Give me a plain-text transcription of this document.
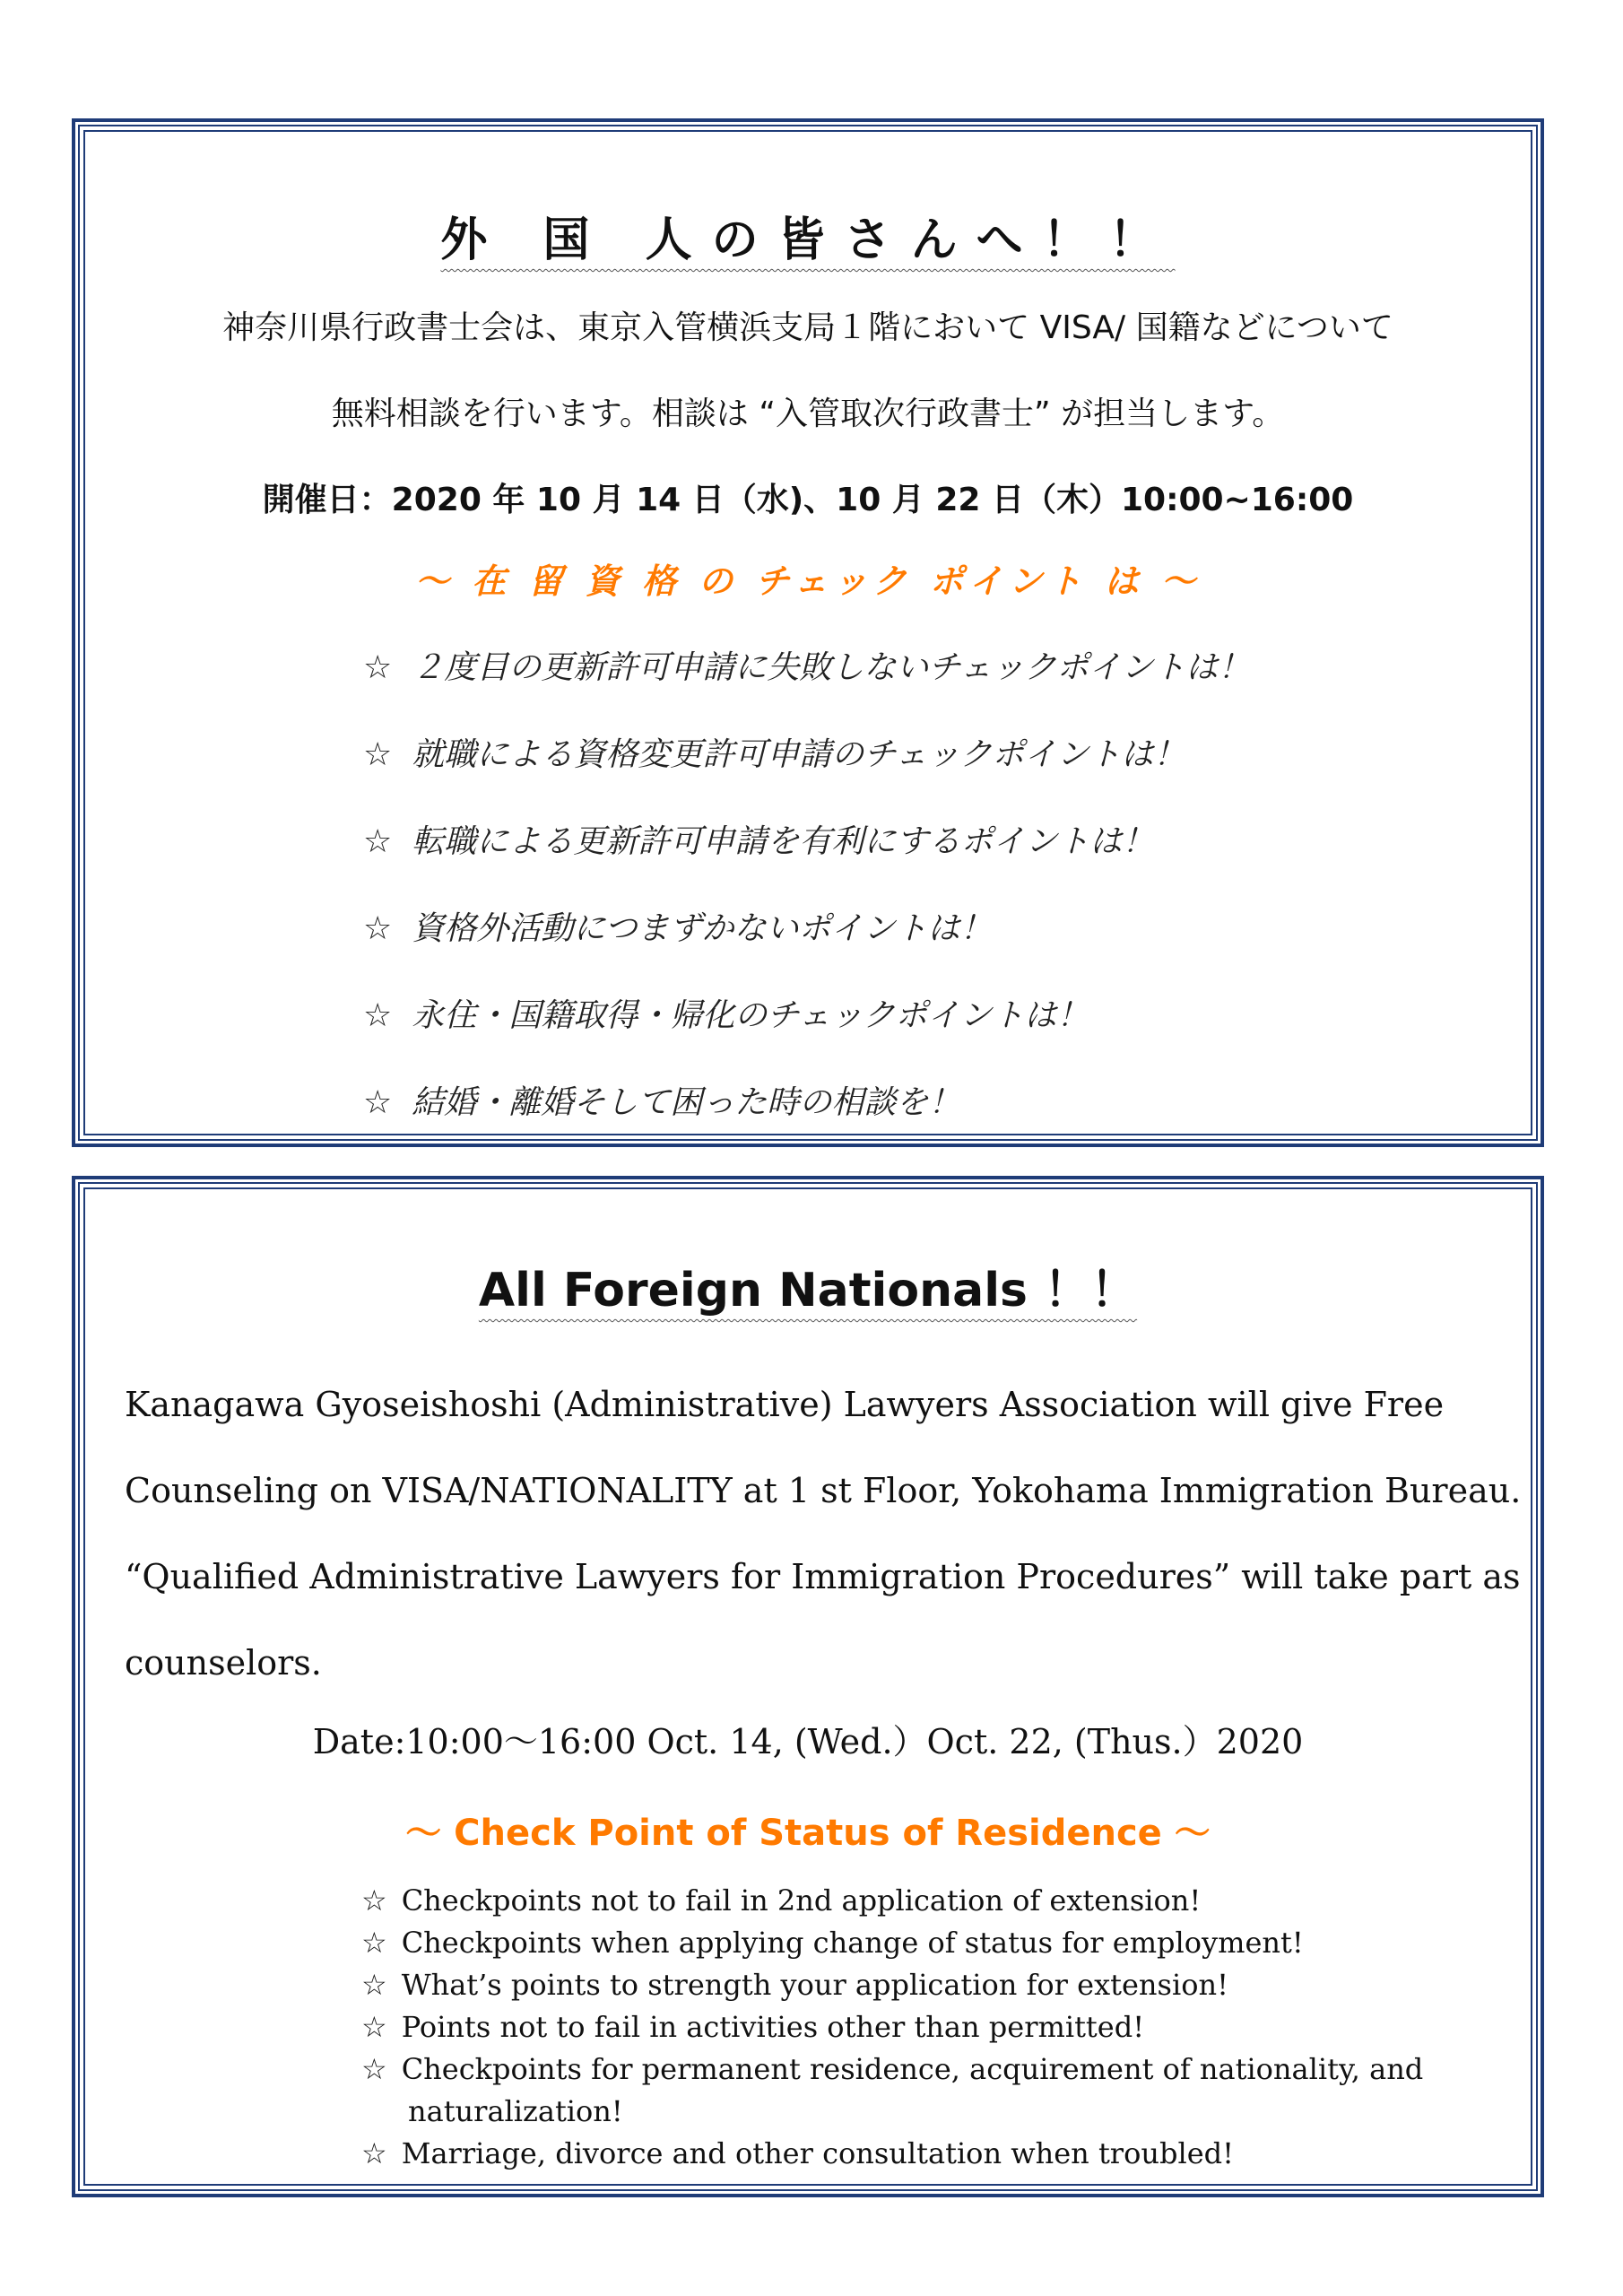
外 国 人の皆さんへ！！
神奈川県行政書士会は、東京入管横浜支局１階において VISA/ 国籍などについて
無料相談を行います。相談は “入管取次行政書士” が担当します。
開催日：2020 年 10 月 14 日（水)、10 月 22 日（木）10:00~16:00
～ 在 留 資 格 の チェック ポイント は ～
☆ ２度目の更新許可申請に失敗しないチェックポイントは！
☆ 就職による資格変更許可申請のチェックポイントは！
☆ 転職による更新許可申請を有利にするポイントは！
☆ 資格外活動につまずかないポイントは！
☆ 永住・国籍取得・帰化のチェックポイントは！
☆ 結婚・離婚そして困った時の相談を！
All Foreign Nationals ！！

Kanagawa Gyoseishoshi (Administrative) Lawyers Association will give Free Counseling on VISA/NATIONALITY at 1 st Floor, Yokohama Immigration Bureau. “Qualified Administrative Lawyers for Immigration Procedures” will take part as counselors.

Date:10:00～16:00 Oct. 14, (Wed.）Oct. 22, (Thus.）2020
～ Check Point of Status of Residence ～
☆ Checkpoints not to fail in 2nd application of extension!
☆ Checkpoints when applying change of status for employment!
☆ What’s points to strength your application for extension!
☆ Points not to fail in activities other than permitted!
☆ Checkpoints for permanent residence, acquirement of nationality, and naturalization!
☆ Marriage, divorce and other consultation when troubled!
